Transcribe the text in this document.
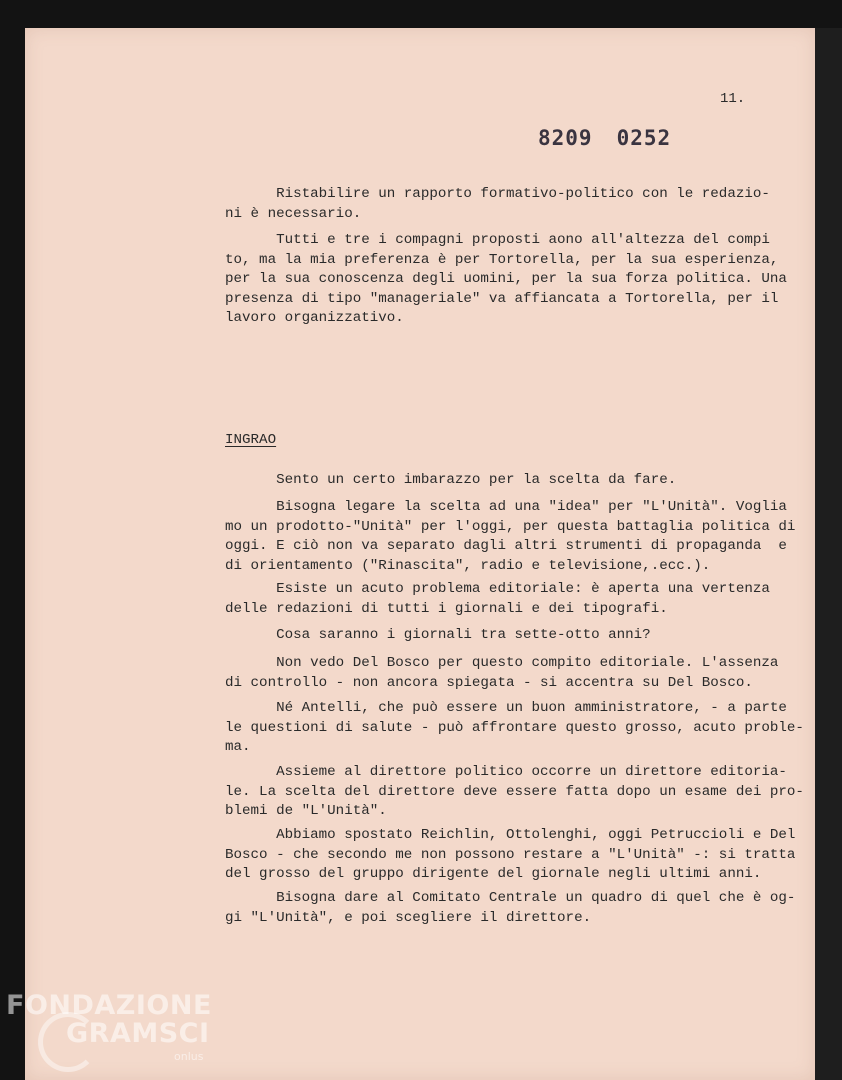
11.
8209 0252
Ristabilire un rapporto formativo-politico con le redazio-
ni è necessario.
Tutti e tre i compagni proposti aono all'altezza del compi
to, ma la mia preferenza è per Tortorella, per la sua esperienza,
per la sua conoscenza degli uomini, per la sua forza politica. Una
presenza di tipo "manageriale" va affiancata a Tortorella, per il
lavoro organizzativo.
INGRAO
Sento un certo imbarazzo per la scelta da fare.
Bisogna legare la scelta ad una "idea" per "L'Unità". Voglia
mo un prodotto-"Unità" per l'oggi, per questa battaglia politica
oggi. E ciò non va separato dagli altri strumenti di propaganda  e
di orientamento ("Rinascita", radio e televisione,.ecc.).
Esiste un acuto problema editoriale: è aperta una vertenza
delle redazioni di tutti i giornali e dei tipografi.
Cosa saranno i giornali tra sette-otto anni?
Non vedo Del Bosco per questo compito editoriale. L'assenza
di controllo - non ancora spiegata - si accentra su Del Bosco.
Né Antelli, che può essere un buon amministratore, - a parte
le questioni di salute - può affrontare questo grosso, acuto proble-
ma.
Assieme al direttore politico occorre un direttore editoria-
le. La scelta del direttore deve essere fatta dopo un esame dei
blemi de "L'Unità".
Abbiamo spostato Reichlin, Ottolenghi, oggi Petruccioli e Del
Bosco - che secondo me non possono restare a "L'Unità" -: si tratta
del grosso del gruppo dirigente del giornale negli ultimi anni.
Bisogna dare al Comitato Centrale un quadro di quel che è og-
gi "L'Unità", e poi scegliere il direttore.
FONDAZIONE
GRAMSCI
onlus
